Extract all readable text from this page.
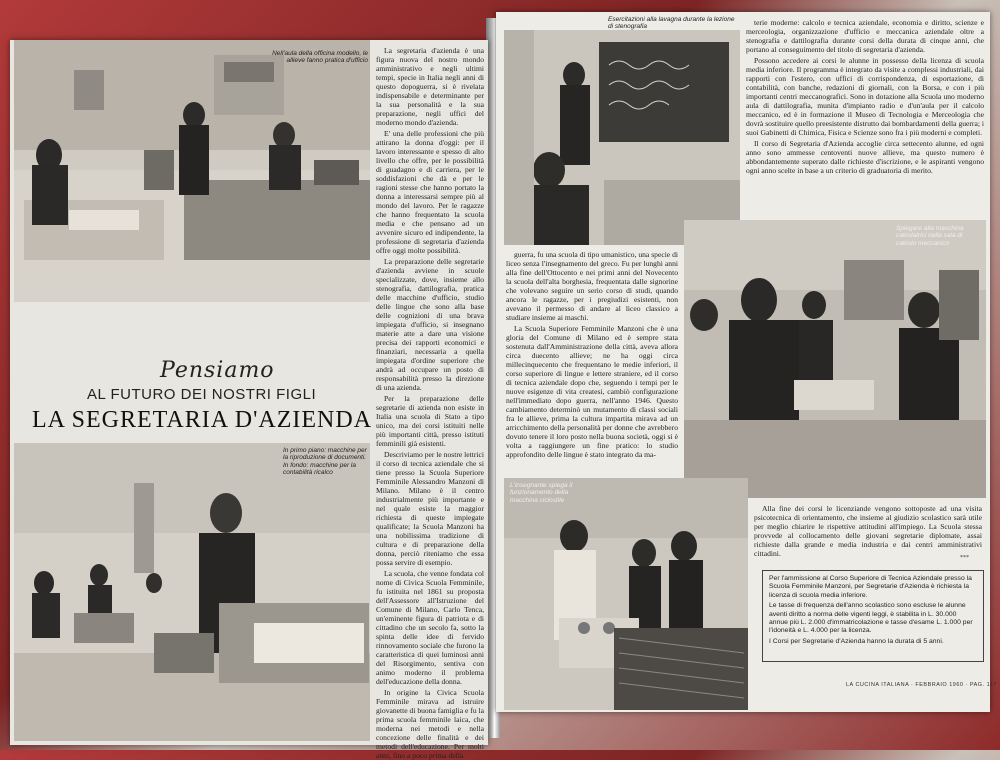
Nell'aula della officina modello, le allieve fanno pratica d'ufficio
Pensiamo
AL FUTURO DEI NOSTRI FIGLI
LA SEGRETARIA D'AZIENDA
In primo piano: macchine per la riproduzione di documenti. In fondo: macchine per la contabilità ricalco

La segretaria d'azienda è una figura nuova del nostro mondo amministrativo e negli ultimi tempi, specie in Italia negli anni di questo dopoguerra, si è rivelata indispensabile e determinante per la sua personalità e la sua preparazione, negli uffici del moderno mondo d'azienda.

E' una delle professioni che più attirano la donna d'oggi: per il lavoro interessante e spesso di alto livello che offre, per le possibilità di guadagno e di carriera, per le soddisfazioni che dà e per le ragioni stesse che hanno portato la donna a interessarsi sempre più al mondo del lavoro. Per le ragazze che hanno frequentato la scuola media e che pensano ad un avvenire sicuro ed indipendente, la professione di segretaria d'azienda offre oggi molte possibilità.

La preparazione delle segretarie d'azienda avviene in scuole specializzate, dove, insieme allo stenografia, dattilografia, pratica delle macchine d'ufficio, studio delle lingue che sono alla base delle cognizioni di una brava impiegata d'ufficio, si insegnano materie atte a dare una visione precisa dei rapporti economici e finanziari, necessaria a quella impiegata d'ordine superiore che andrà ad occupare un posto di responsabilità presso la direzione di una azienda.

Per la preparazione delle segretarie di azienda non esiste in Italia una scuola di Stato a tipo unico, ma dei corsi istituiti nelle più importanti città, presso istituti femminili già esistenti.

Descriviamo per le nostre lettrici il corso di tecnica aziendale che si tiene presso la Scuola Superiore Femminile Alessandro Manzoni di Milano. Milano è il centro industrialmente più importante e nel quale esiste la maggior richiesta di queste impiegate qualificate; la Scuola Manzoni ha una nobilissima tradizione di cultura e di preparazione della donna, perciò riteniamo che essa possa servire di esempio.

La scuola, che venne fondata col nome di Civica Scuola Femminile, fu istituita nel 1861 su proposta dell'Assessore all'Istruzione del Comune di Milano, Carlo Tenca, un'eminente figura di patriota e di cittadino che un secolo fa, sotto la spinta delle idee di fervido rinnovamento sociale che furono la caratteristica di quei luminosi anni del Risorgimento, sentiva con animo moderno il problema dell'educazione della donna.

In origine la Civica Scuola Femminile mirava ad istruire giovanette di buona famiglia e fu la prima scuola femminile laica, che moderna nei metodi e nella concezione delle finalità e dei metodi dell'educazione. Per molti anni, fino a poco prima della

Esercitazioni alla lavagna durante la lezione di stenografia	terie moderne: calcolo e tecnica aziendale, economia e diritto, scienze e merceologia, organizzazione d'ufficio e meccanica aziendale oltre a stenografia e dattilografia durante corsi della durata di cinque anni, che portano al conseguimento del titolo di segretaria d'azienda.

Possono accedere ai corsi le alunne in possesso della licenza di scuola media inferiore. Il programma è integrato da visite a complessi industriali, dai rapporti con l'estero, con uffici di corrispondenza, di esportazione, di contabilità, con banche, redazioni di giornali, con la Borsa, e con i più importanti centri meccanografici. Sono in dotazione alla Scuola uno moderno aula di dattilografia, munita d'impianto radio e d'un'aula per il calcolo meccanico, ed è in formazione il Museo di Tecnologia e Merceologia che dovrà sostituire quello preesistente distrutto dai bombardamenti della guerra; i suoi Gabinetti di Chimica, Fisica e Scienze sono fra i più moderni e completi.

Il corso di Segretaria d'Azienda accoglie circa settecento alunne, ed ogni anno sono ammesse centoventi nuove allieve, ma questo numero è abbondantemente superato dalle richieste d'iscrizione, e le aspiranti vengono ogni anno scelte in base a un criterio di graduatoria di merito.

Spiegare alla macchina calcolatrici nella sala di calcolo meccanico

guerra, fu una scuola di tipo umanistico, una specie di liceo senza l'insegnamento del greco. Fu per lunghi anni alla fine dell'Ottocento e nei primi anni del Novecento la scuola dell'alta borghesia, frequentata dalle signorine che volevano seguire un serio corso di studi, quando ancora le ragazze, per i pregiudizi esistenti, non avevano il permesso di andare al liceo classico a studiare insieme ai maschi.

La Scuola Superiore Femminile Manzoni che è una gloria del Comune di Milano ed è sempre stata sostenuta dall'Amministrazione della città, aveva allora circa duecento allieve; ne ha oggi circa millecinquecento che frequentano le medie inferiori, il corso superiore di lingue e lettere straniere, ed il corso di tecnica aziendale dopo che, seguendo i tempi per le nuove esigenze di vita createsi, cambiò configurazione nell'immediato dopo guerra, nell'anno 1946. Questo cambiamento determinò un mutamento di classi sociali fra le allieve, prima la cultura impartita mirava ad un arricchimento della personalità per donne che avrebbero dovuto tenere il loro posto nella buona società, oggi si è volta a raggiungere un fine pratico: lo studio approfondito delle lingue è stato integrato da ma-

L'insegnante spiega il funzionamento della macchina ciclostile

Alla fine dei corsi le licenziande vengono sottoposte ad una visita psicotecnica di orientamento, che insieme al giudizio scolastico sarà utile per meglio chiarire le rispettive attitudini all'impiego. La Scuola stessa provvede al collocamento delle giovani segretarie diplomate, assai richieste dalla grande e media industria e dai centri amministrativi cittadini.	***

Per l'ammissione al Corso Superiore di Tecnica Aziendale presso la Scuola Femminile Manzoni, per Segretarie d'Azienda è richiesta la licenza di scuola media inferiore.

Le tasse di frequenza dell'anno scolastico sono escluse le alunne aventi diritto a norma delle vigenti leggi, è stabilita in L. 30.000 annue più L. 2.000 d'immatricolazione e tasse d'esame L. 1.000 per l'idoneità e L. 4.000 per la licenza.

I Corsi per Segretarie d'Azienda hanno la durata di 5 anni.

LA CUCINA ITALIANA · FEBBRAIO 1960 · PAG. 117
